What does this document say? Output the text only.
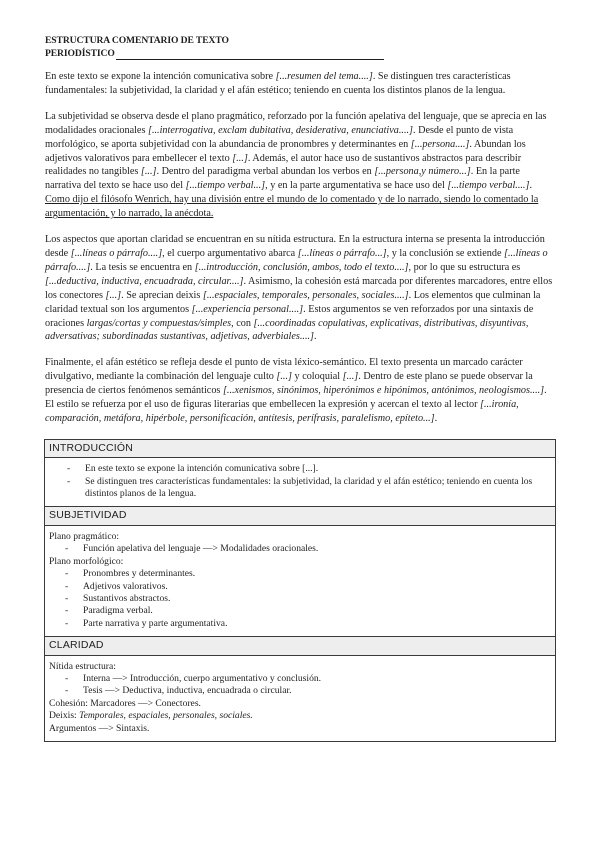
ESTRUCTURA COMENTARIO DE TEXTO
PERIODÍSTICO

En este texto se expone la intención comunicativa sobre [...resumen del tema....]. Se distinguen tres características fundamentales: la subjetividad, la claridad y el afán estético; teniendo en cuenta los distintos planos de la lengua.

La subjetividad se observa desde el plano pragmático, reforzado por la función apelativa del lenguaje, que se aprecia en las modalidades oracionales [...interrogativa, exclam dubitativa, desiderativa, enunciativa....]. Desde el punto de vista morfológico, se aporta subjetividad con la abundancia de pronombres y determinantes en [...persona....]. Abundan los adjetivos valorativos para embellecer el texto [...]. Además, el autor hace uso de sustantivos abstractos para describir realidades no tangibles [...]. Dentro del paradigma verbal abundan los verbos en [...persona,y número...]. En la parte narrativa del texto se hace uso del [...tiempo verbal...], y en la parte argumentativa se hace uso del [...tiempo verbal....]. Como dijo el filósofo Wenrich, hay una división entre el mundo de lo comentado y de lo narrado, siendo lo comentado la argumentación, y lo narrado, la anécdota.

Los aspectos que aportan claridad se encuentran en su nítida estructura. En la estructura interna se presenta la introducción desde [...líneas o párrafo....], el cuerpo argumentativo abarca [...líneas o párrafo...], y la conclusión se extiende [...líneas o párrafo....]. La tesis se encuentra en [...introducción, conclusión, ambos, todo el texto....], por lo que su estructura es [...deductiva, inductiva, encuadrada, circular....]. Asimismo, la cohesión está marcada por diferentes marcadores, entre ellos los conectores [...]. Se aprecian deixis [...espaciales, temporales, personales, sociales....]. Los elementos que culminan la claridad textual son los argumentos [...experiencia personal....]. Estos argumentos se ven reforzados por una sintaxis de oraciones largas/cortas y compuestas/simples, con [...coordinadas copulativas, explicativas, distributivas, disyuntivas, adversativas; subordinadas sustantivas, adjetivas, adverbiales....].

Finalmente, el afán estético se refleja desde el punto de vista léxico-semántico. El texto presenta un marcado carácter divulgativo, mediante la combinación del lenguaje culto [...] y coloquial [...]. Dentro de este plano se puede observar la presencia de ciertos fenómenos semánticos [...xenismos, sinónimos, hiperónimos e hipónimos, antónimos, neologismos....]. El estilo se refuerza por el uso de figuras literarias que embellecen la expresión y acercan el texto al lector [...ironía, comparación, metáfora, hipérbole, personificación, antítesis, perífrasis, paralelismo, epíteto...].

INTRODUCCIÓN

- En este texto se expone la intención comunicativa sobre [...].
- Se distinguen tres características fundamentales: la subjetividad, la claridad y el afán estético; teniendo en cuenta los distintos planos de la lengua.

SUBJETIVIDAD

Plano pragmático:
- Función apelativa del lenguaje —> Modalidades oracionales.
Plano morfológico:
- Pronombres y determinantes.
- Adjetivos valorativos.
- Sustantivos abstractos.
- Paradigma verbal.
- Parte narrativa y parte argumentativa.

CLARIDAD

Nítida estructura:
- Interna —> Introducción, cuerpo argumentativo y conclusión.
- Tesis —> Deductiva, inductiva, encuadrada o circular.
Cohesión: Marcadores —> Conectores.
Deixis: Temporales, espaciales, personales, sociales.
Argumentos —> Sintaxis.
